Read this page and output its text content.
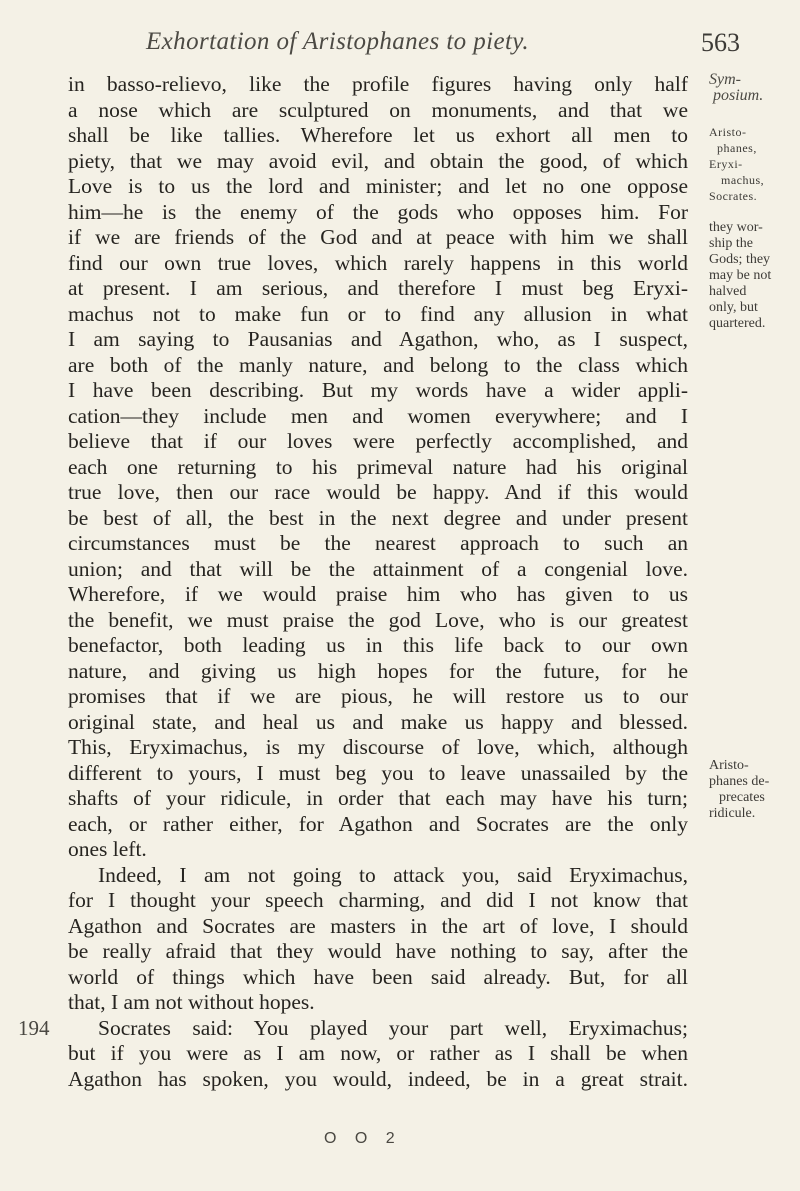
Exhortation of Aristophanes to piety.	563
in basso-relievo, like the profile figures having only half
a nose which are sculptured on monuments, and that we
shall be like tallies. Wherefore let us exhort all men to
piety, that we may avoid evil, and obtain the good, of which
Love is to us the lord and minister; and let no one oppose
him—he is the enemy of the gods who opposes him. For
if we are friends of the God and at peace with him we shall
find our own true loves, which rarely happens in this world
at present. I am serious, and therefore I must beg Eryxi-
machus not to make fun or to find any allusion in what
I am saying to Pausanias and Agathon, who, as I suspect,
are both of the manly nature, and belong to the class which
I have been describing. But my words have a wider appli-
cation—they include men and women everywhere; and I
believe that if our loves were perfectly accomplished, and
each one returning to his primeval nature had his original
true love, then our race would be happy. And if this would
be best of all, the best in the next degree and under present
circumstances must be the nearest approach to such an
union; and that will be the attainment of a congenial love.
Wherefore, if we would praise him who has given to us
the benefit, we must praise the god Love, who is our greatest
benefactor, both leading us in this life back to our own
nature, and giving us high hopes for the future, for he
promises that if we are pious, he will restore us to our
original state, and heal us and make us happy and blessed.
This, Eryximachus, is my discourse of love, which, although
different to yours, I must beg you to leave unassailed by the
shafts of your ridicule, in order that each may have his turn;
each, or rather either, for Agathon and Socrates are the only
ones left.
Indeed, I am not going to attack you, said Eryximachus,
for I thought your speech charming, and did I not know that
Agathon and Socrates are masters in the art of love, I should
be really afraid that they would have nothing to say, after the
world of things which have been said already. But, for all
that, I am not without hopes.
194 Socrates said: You played your part well, Eryximachus;
but if you were as I am now, or rather as I shall be when
Agathon has spoken, you would, indeed, be in a great strait.
Sym-
posium.
Aristo-
phanes,
Eryxi-
machus,
Socrates.
they wor-
ship the
Gods; they
may be not
halved
only, but
quartered.
Aristo-
phanes de-
precates
ridicule.
O O 2
